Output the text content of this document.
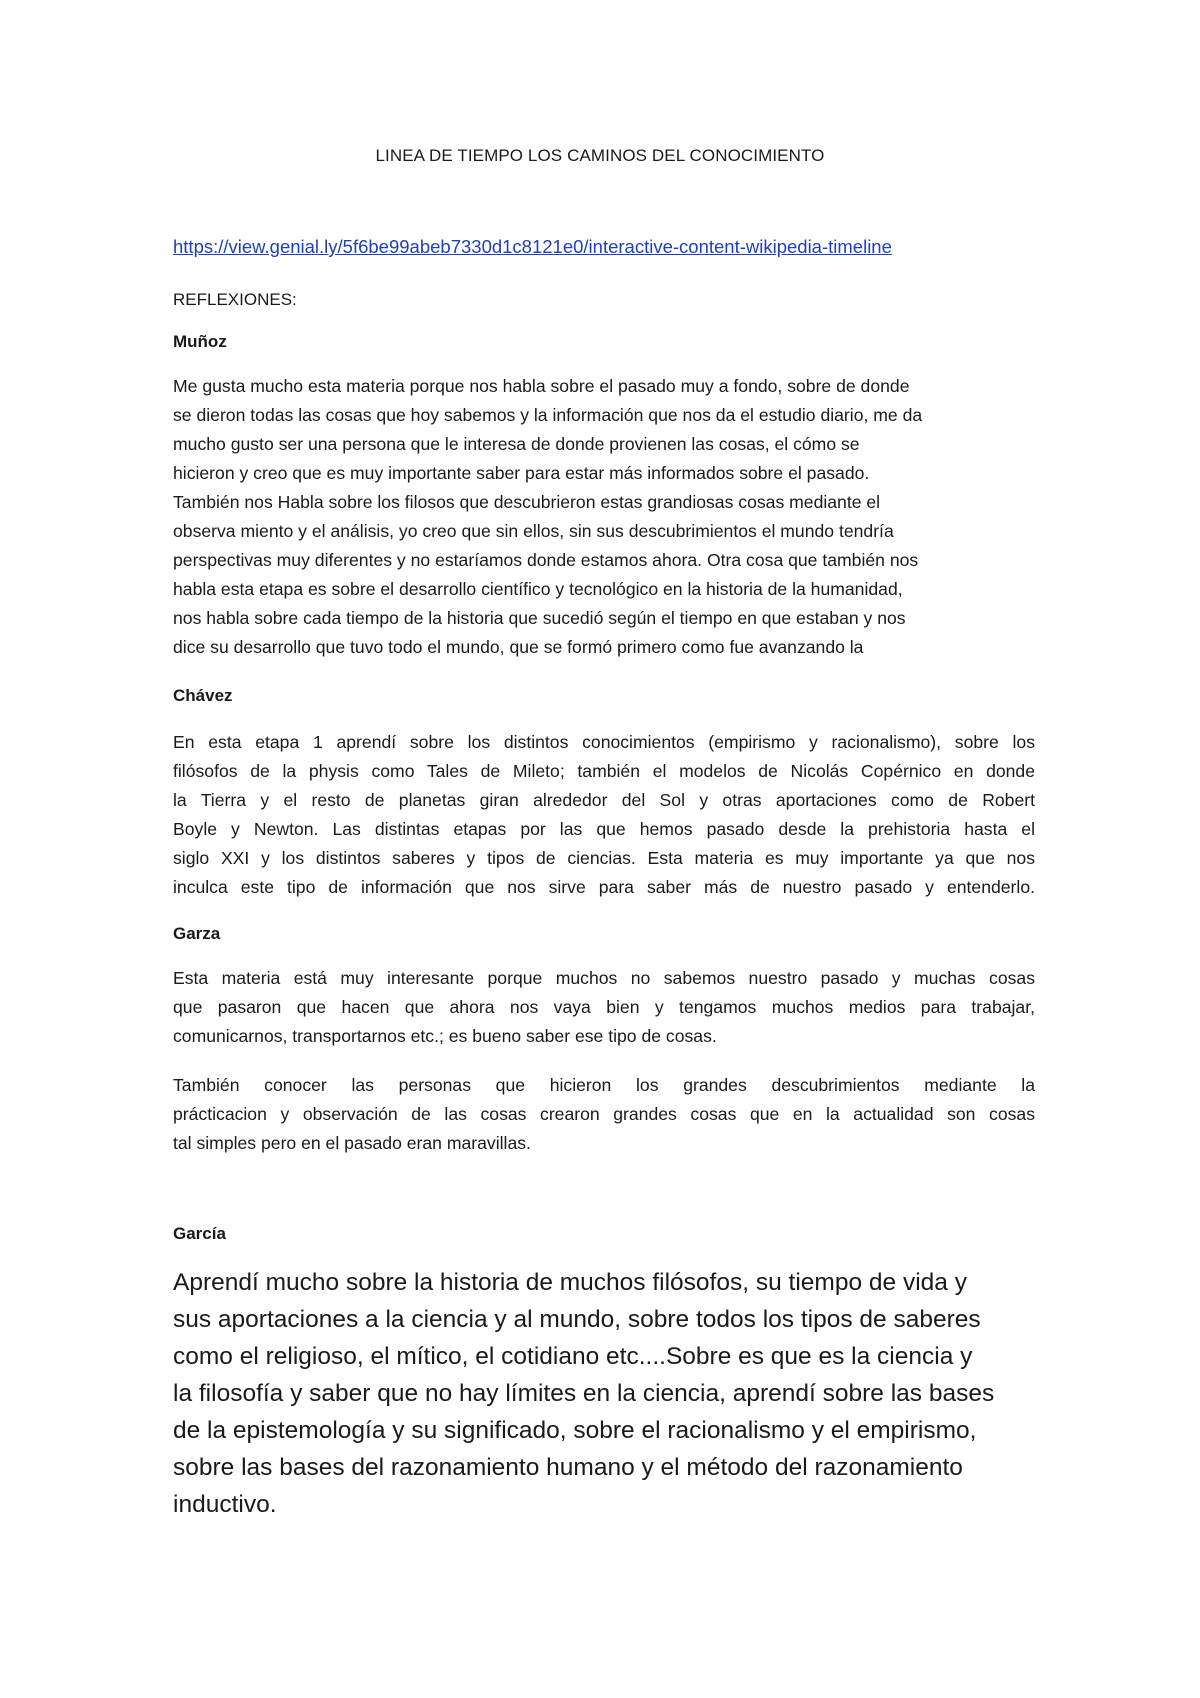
LINEA DE TIEMPO LOS CAMINOS DEL CONOCIMIENTO
https://view.genial.ly/5f6be99abeb7330d1c8121e0/interactive-content-wikipedia-timeline
REFLEXIONES:
Muñoz
Me gusta mucho esta materia porque nos habla sobre el pasado muy a fondo, sobre de donde
se dieron todas las cosas que hoy sabemos y la información que nos da el estudio diario, me da
mucho gusto ser una persona que le interesa de donde provienen las cosas, el cómo se
hicieron y creo que es muy importante saber para estar más informados sobre el pasado.
También nos Habla sobre los filosos que descubrieron estas grandiosas cosas mediante el
observa miento y el análisis, yo creo que sin ellos, sin sus descubrimientos el mundo tendría
perspectivas muy diferentes y no estaríamos donde estamos ahora. Otra cosa que también nos
habla esta etapa es sobre el desarrollo científico y tecnológico en la historia de la humanidad,
nos habla sobre cada tiempo de la historia que sucedió según el tiempo en que estaban y nos
dice su desarrollo que tuvo todo el mundo, que se formó primero como fue avanzando la
Chávez
En esta etapa 1 aprendí sobre los distintos conocimientos (empirismo y racionalismo), sobre los
filósofos de la physis como Tales de Mileto; también el modelos de Nicolás Copérnico en donde
la Tierra y el resto de planetas giran alrededor del Sol y otras aportaciones como de Robert
Boyle y Newton. Las distintas etapas por las que hemos pasado desde la prehistoria hasta el
siglo XXI y los distintos saberes y tipos de ciencias. Esta materia es muy importante ya que nos
inculca este tipo de información que nos sirve para saber más de nuestro pasado y entenderlo.
Garza
Esta materia está muy interesante porque muchos no sabemos nuestro pasado y muchas cosas
que pasaron que hacen que ahora nos vaya bien y tengamos muchos medios para trabajar,
comunicarnos, transportarnos etc.; es bueno saber ese tipo de cosas.
También conocer las personas que hicieron los grandes descubrimientos mediante la
prácticacion y observación de las cosas crearon grandes cosas que en la actualidad son cosas
tal simples pero en el pasado eran maravillas.
García
Aprendí mucho sobre la historia de muchos filósofos, su tiempo de vida y
sus aportaciones a la ciencia y al mundo, sobre todos los tipos de saberes
como el religioso, el mítico, el cotidiano etc....Sobre es que es la ciencia y
la filosofía y saber que no hay límites en la ciencia, aprendí sobre las bases
de la epistemología y su significado, sobre el racionalismo y el empirismo,
sobre las bases del razonamiento humano y el método del razonamiento
inductivo.
